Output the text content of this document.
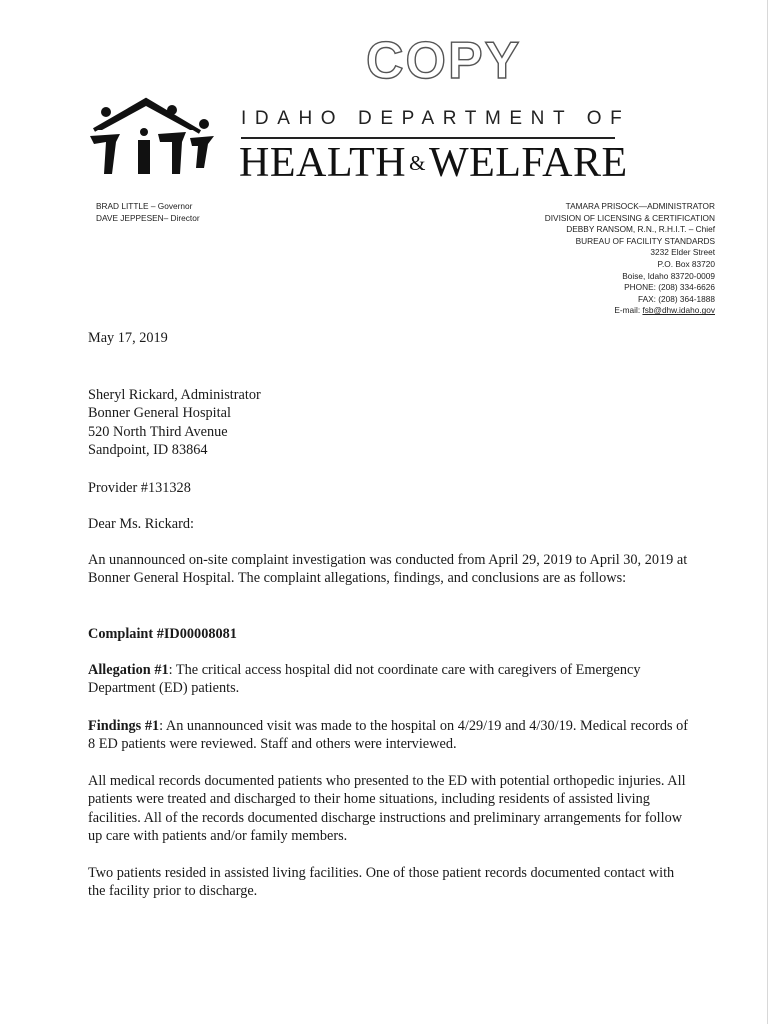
COPY
IDAHO DEPARTMENT OF
HEALTH &WELFARE
BRAD LITTLE – Governor
DAVE JEPPESEN– Director
TAMARA PRISOCK—ADMINISTRATOR
DIVISION OF LICENSING & CERTIFICATION
DEBBY RANSOM, R.N., R.H.I.T. – Chief
BUREAU OF FACILITY STANDARDS
3232 Elder Street
P.O. Box 83720
Boise, Idaho 83720-0009
PHONE: (208) 334-6626
FAX: (208) 364-1888
E-mail: fsb@dhw.idaho.gov
May 17, 2019
Sheryl Rickard, Administrator
Bonner General Hospital
520 North Third Avenue
Sandpoint, ID 83864
Provider #131328
Dear Ms. Rickard:
An unannounced on-site complaint investigation was conducted from April 29, 2019 to April 30, 2019 at Bonner General Hospital. The complaint allegations, findings, and conclusions are as follows:
Complaint #ID00008081
Allegation #1: The critical access hospital did not coordinate care with caregivers of Emergency Department (ED) patients.
Findings #1: An unannounced visit was made to the hospital on 4/29/19 and 4/30/19. Medical records of 8 ED patients were reviewed. Staff and others were interviewed.
All medical records documented patients who presented to the ED with potential orthopedic injuries. All patients were treated and discharged to their home situations, including residents of assisted living facilities. All of the records documented discharge instructions and preliminary arrangements for follow up care with patients and/or family members.
Two patients resided in assisted living facilities. One of those patient records documented contact with the facility prior to discharge.
